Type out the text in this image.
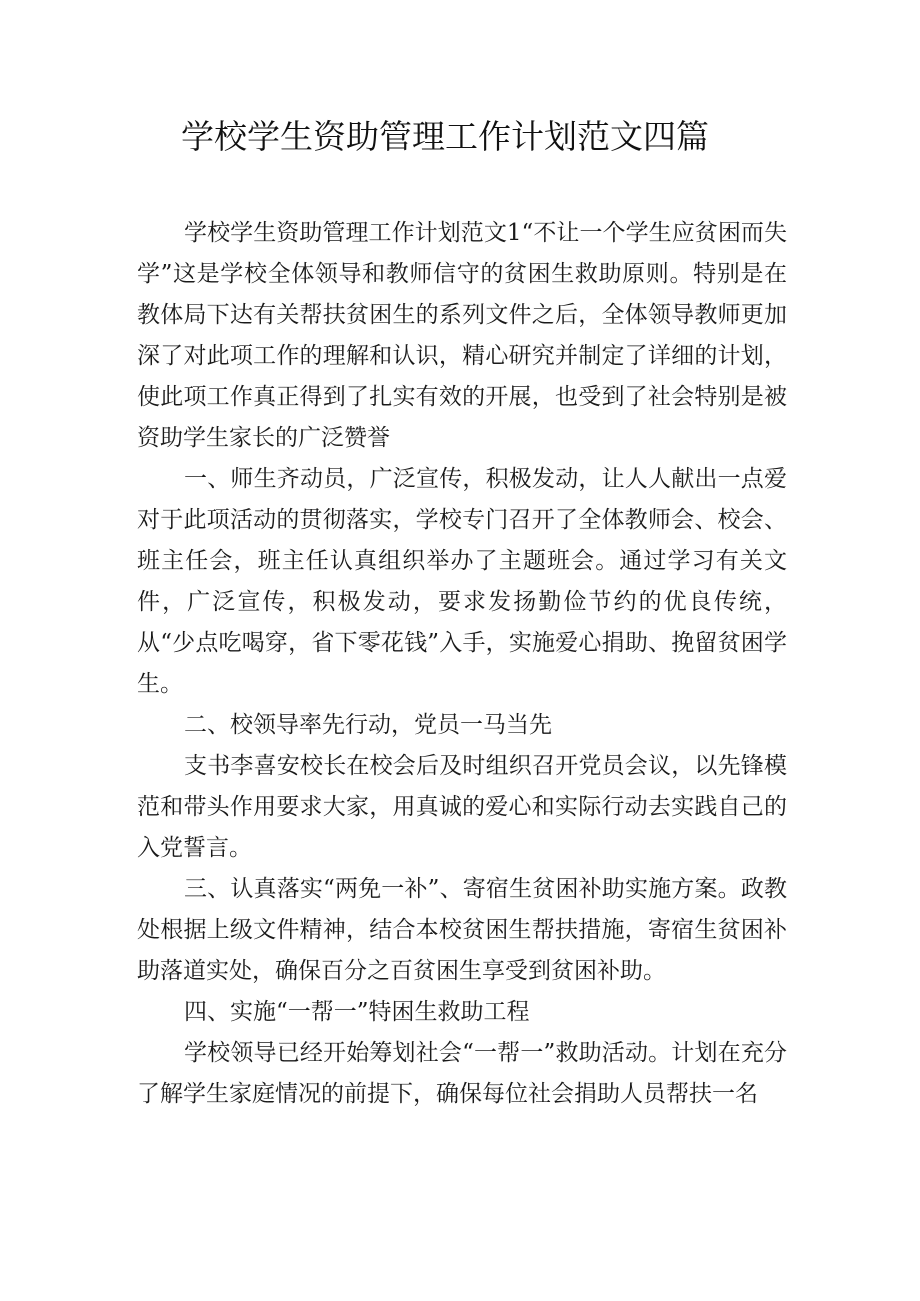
学校学生资助管理工作计划范文四篇

学校学生资助管理工作计划范文1“不让一个学生应贫困而失学”这是学校全体领导和教师信守的贫困生救助原则。特别是在教体局下达有关帮扶贫困生的系列文件之后，全体领导教师更加深了对此项工作的理解和认识，精心研究并制定了详细的计划，使此项工作真正得到了扎实有效的开展，也受到了社会特别是被资助学生家长的广泛赞誉

一、师生齐动员，广泛宣传，积极发动，让人人献出一点爱对于此项活动的贯彻落实，学校专门召开了全体教师会、校会、班主任会，班主任认真组织举办了主题班会。通过学习有关文件，广泛宣传，积极发动，要求发扬勤俭节约的优良传统，从“少点吃喝穿，省下零花钱”入手，实施爱心捐助、挽留贫困学生。

二、校领导率先行动，党员一马当先

支书李喜安校长在校会后及时组织召开党员会议，以先锋模范和带头作用要求大家，用真诚的爱心和实际行动去实践自己的入党誓言。

三、认真落实“两免一补”、寄宿生贫困补助实施方案。政教处根据上级文件精神，结合本校贫困生帮扶措施，寄宿生贫困补助落道实处，确保百分之百贫困生享受到贫困补助。

四、实施“一帮一”特困生救助工程

学校领导已经开始筹划社会“一帮一”救助活动。计划在充分了解学生家庭情况的前提下，确保每位社会捐助人员帮扶一名
